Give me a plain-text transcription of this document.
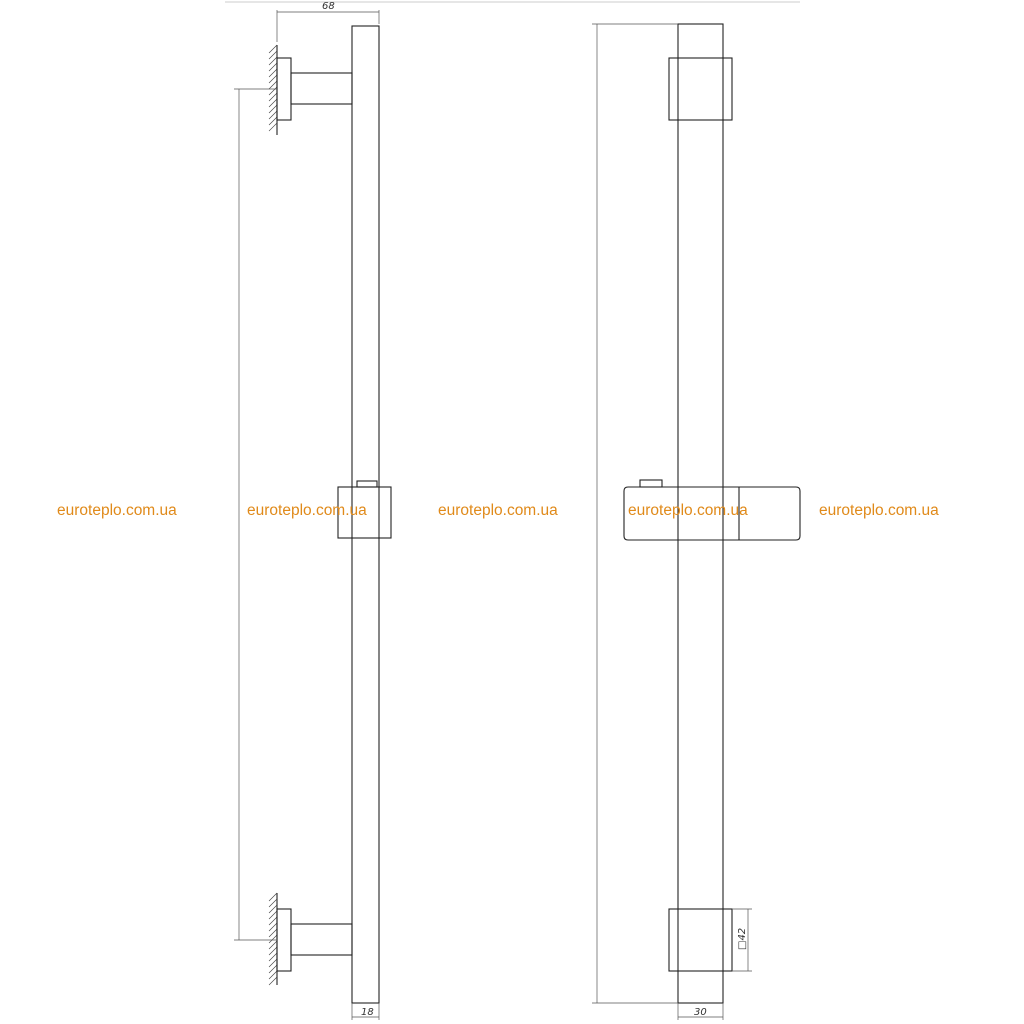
68
18	30
□42
euroteplo.com.ua	euroteplo.com.ua	euroteplo.com.ua	euroteplo.com.ua	euroteplo.com.ua
